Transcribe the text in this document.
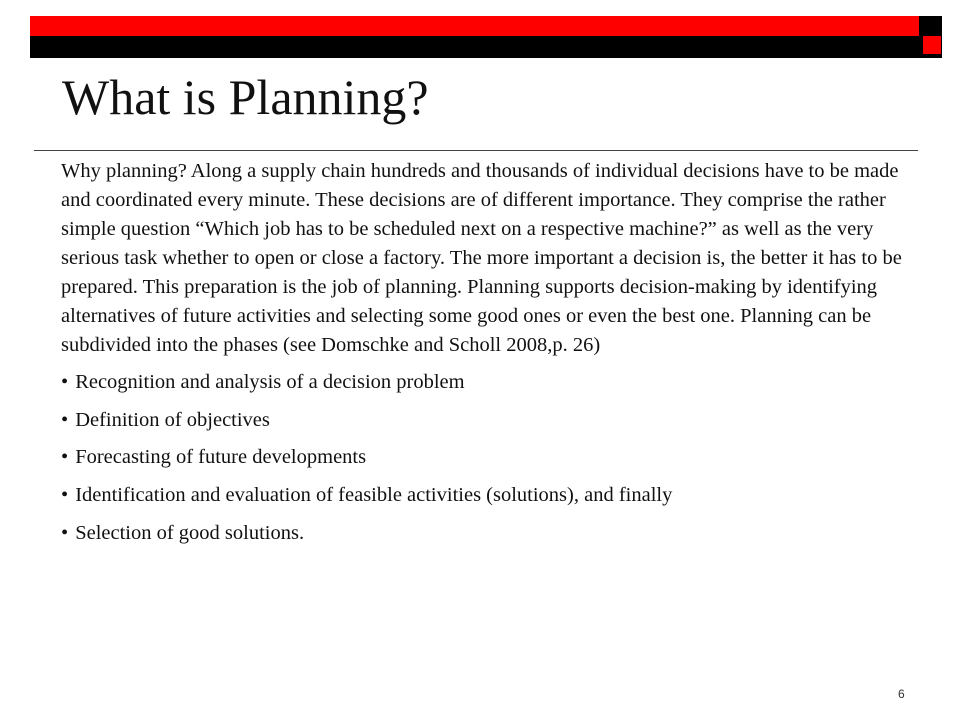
What is Planning?

Why planning? Along a supply chain hundreds and thousands of individual decisions have to be made and coordinated every minute. These decisions are of different importance. They comprise the rather simple question “Which job has to be scheduled next on a respective machine?” as well as the very serious task whether to open or close a factory. The more important a decision is, the better it has to be prepared. This preparation is the job of planning. Planning supports decision-making by identifying alternatives of future activities and selecting some good ones or even the best one. Planning can be subdivided into the phases (see Domschke and Scholl 2008,p. 26)

• Recognition and analysis of a decision problem
• Definition of objectives
• Forecasting of future developments
• Identification and evaluation of feasible activities (solutions), and finally
• Selection of good solutions.
6
